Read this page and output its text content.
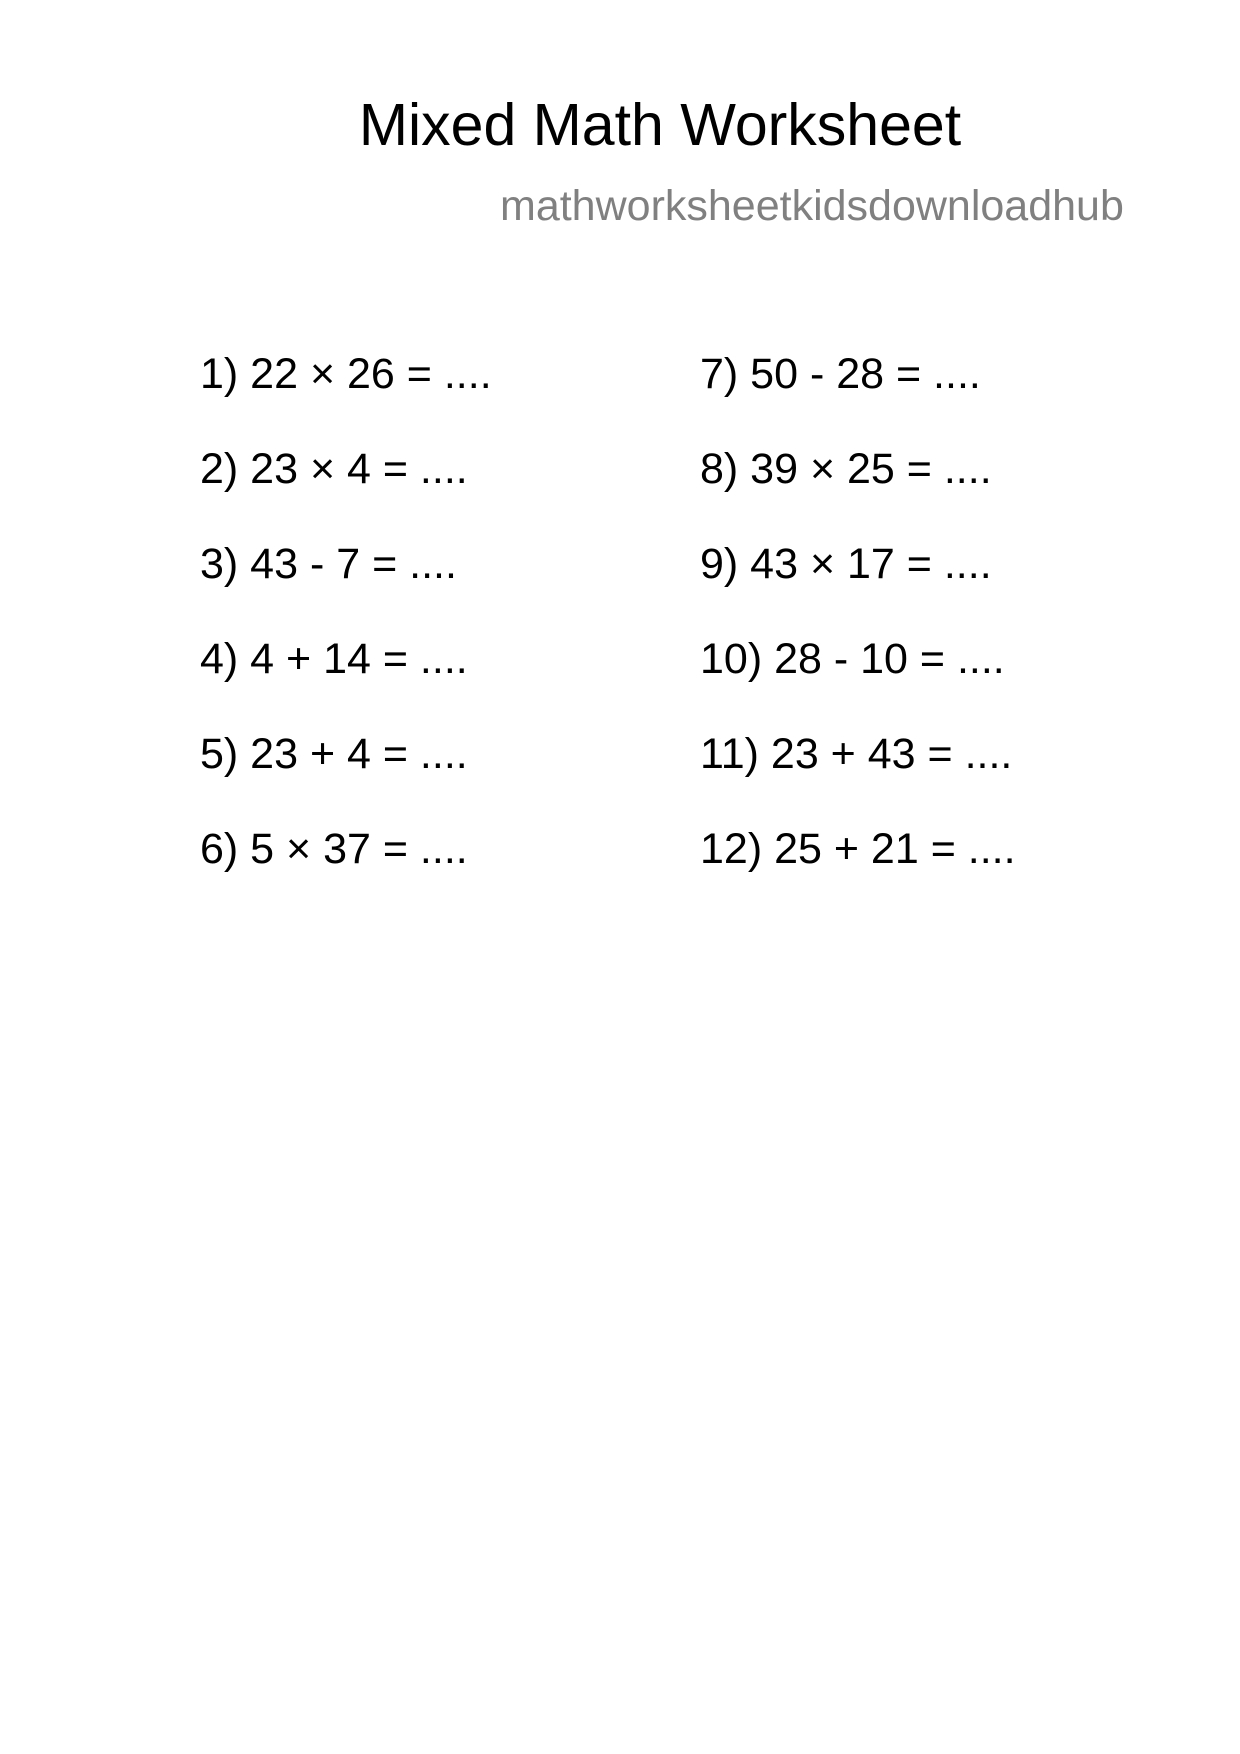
Mixed Math Worksheet
mathworksheetkidsdownloadhub
1) 22 × 26 = ....
2) 23 × 4 = ....
3) 43 - 7 = ....
4) 4 + 14 = ....
5) 23 + 4 = ....
6) 5 × 37 = ....
7) 50 - 28 = ....
8) 39 × 25 = ....
9) 43 × 17 = ....
10) 28 - 10 = ....
11) 23 + 43 = ....
12) 25 + 21 = ....
